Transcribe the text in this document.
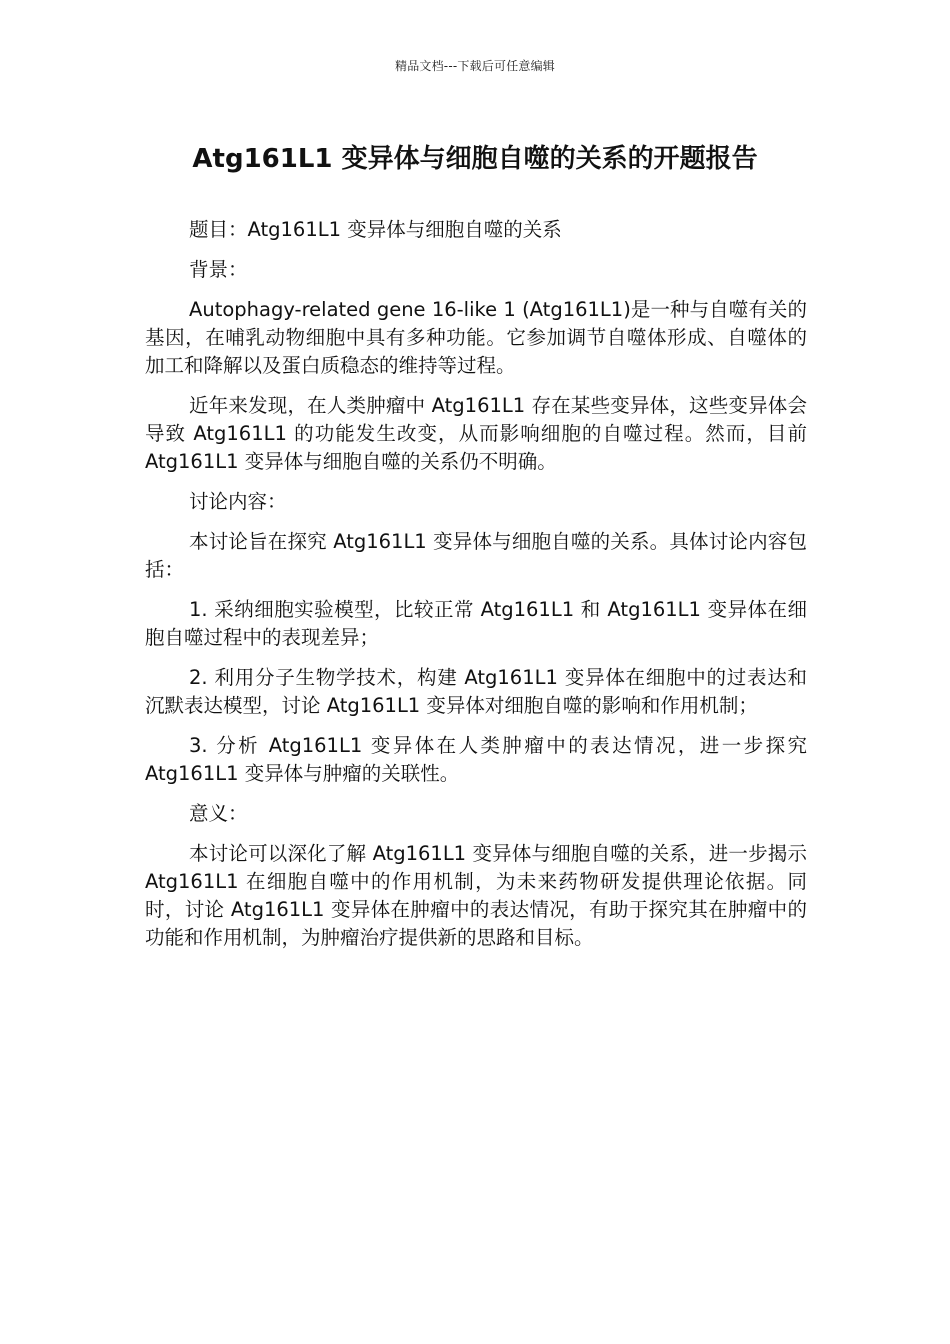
精品文档---下载后可任意编辑
Atg161L1 变异体与细胞自噬的关系的开题报告

题目：Atg161L1 变异体与细胞自噬的关系

背景：

Autophagy-related gene 16-like 1 (Atg161L1)是一种与自噬有关的基因，在哺乳动物细胞中具有多种功能。它参加调节自噬体形成、自噬体的加工和降解以及蛋白质稳态的维持等过程。

近年来发现，在人类肿瘤中 Atg161L1 存在某些变异体，这些变异体会导致 Atg161L1 的功能发生改变，从而影响细胞的自噬过程。然而，目前 Atg161L1 变异体与细胞自噬的关系仍不明确。

讨论内容：

本讨论旨在探究 Atg161L1 变异体与细胞自噬的关系。具体讨论内容包括：

1. 采纳细胞实验模型，比较正常 Atg161L1 和 Atg161L1 变异体在细胞自噬过程中的表现差异；

2. 利用分子生物学技术，构建 Atg161L1 变异体在细胞中的过表达和沉默表达模型，讨论 Atg161L1 变异体对细胞自噬的影响和作用机制；

3. 分析 Atg161L1 变异体在人类肿瘤中的表达情况，进一步探究 Atg161L1 变异体与肿瘤的关联性。

意义：

本讨论可以深化了解 Atg161L1 变异体与细胞自噬的关系，进一步揭示 Atg161L1 在细胞自噬中的作用机制，为未来药物研发提供理论依据。同时，讨论 Atg161L1 变异体在肿瘤中的表达情况，有助于探究其在肿瘤中的功能和作用机制，为肿瘤治疗提供新的思路和目标。
